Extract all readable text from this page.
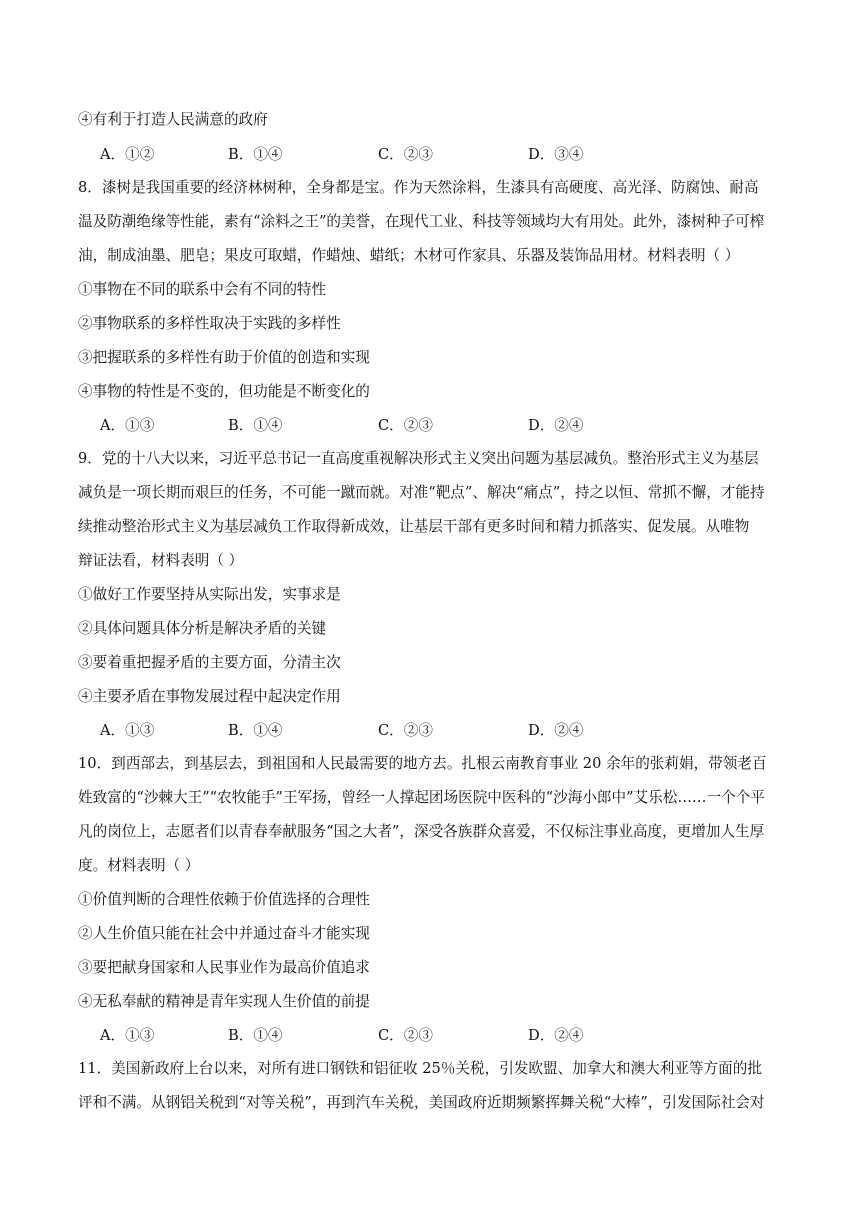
④有利于打造人民满意的政府
A．①②	B．①④	C．②③	D．③④
8．漆树是我国重要的经济林树种，全身都是宝。作为天然涂料，生漆具有高硬度、高光泽、防腐蚀、耐高
温及防潮绝缘等性能，素有“涂料之王”的美誉，在现代工业、科技等领域均大有用处。此外，漆树种子可榨
油，制成油墨、肥皂；果皮可取蜡，作蜡烛、蜡纸；木材可作家具、乐器及装饰品用材。材料表明（ ）
①事物在不同的联系中会有不同的特性
②事物联系的多样性取决于实践的多样性
③把握联系的多样性有助于价值的创造和实现
④事物的特性是不变的，但功能是不断变化的
A．①③	B．①④	C．②③	D．②④
9．党的十八大以来，习近平总书记一直高度重视解决形式主义突出问题为基层减负。整治形式主义为基层
减负是一项长期而艰巨的任务，不可能一蹴而就。对准“靶点”、解决“痛点”，持之以恒、常抓不懈，才能持
续推动整治形式主义为基层减负工作取得新成效，让基层干部有更多时间和精力抓落实、促发展。从唯物
辩证法看，材料表明（ ）
①做好工作要坚持从实际出发，实事求是
②具体问题具体分析是解决矛盾的关键
③要着重把握矛盾的主要方面，分清主次
④主要矛盾在事物发展过程中起决定作用
A．①③	B．①④	C．②③	D．②④
10．到西部去，到基层去，到祖国和人民最需要的地方去。扎根云南教育事业 20 余年的张莉娟，带领老百
姓致富的“沙棘大王”“农牧能手”王军扬，曾经一人撑起团场医院中医科的“沙海小郎中”艾乐松……一个个平
凡的岗位上，志愿者们以青春奉献服务“国之大者”，深受各族群众喜爱，不仅标注事业高度，更增加人生厚
度。材料表明（ ）
①价值判断的合理性依赖于价值选择的合理性
②人生价值只能在社会中并通过奋斗才能实现
③要把献身国家和人民事业作为最高价值追求
④无私奉献的精神是青年实现人生价值的前提
A．①③	B．①④	C．②③	D．②④
11．美国新政府上台以来，对所有进口钢铁和铝征收 25％关税，引发欧盟、加拿大和澳大利亚等方面的批
评和不满。从钢铝关税到“对等关税”，再到汽车关税，美国政府近期频繁挥舞关税“大棒”，引发国际社会对
